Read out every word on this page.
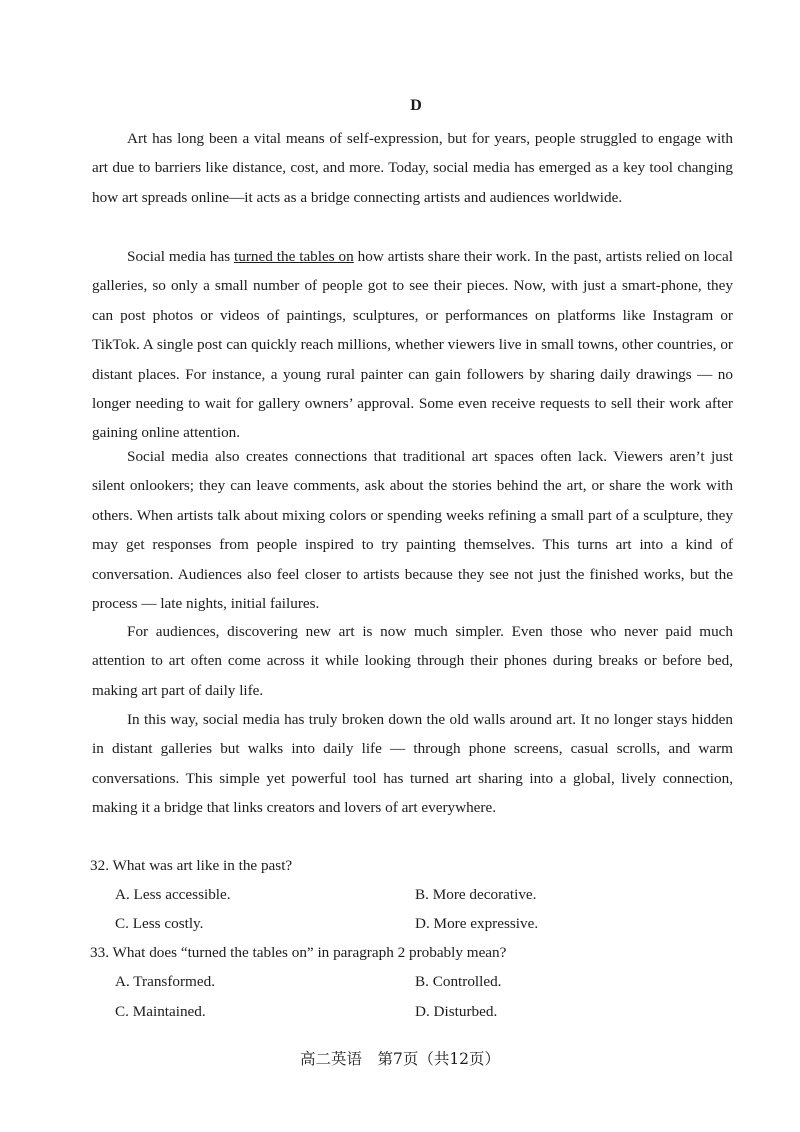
D

Art has long been a vital means of self-expression, but for years, people struggled to engage with art due to barriers like distance, cost, and more. Today, social media has emerged as a key tool changing how art spreads online—it acts as a bridge connecting artists and audiences worldwide.

Social media has turned the tables on how artists share their work. In the past, artists relied on local galleries, so only a small number of people got to see their pieces. Now, with just a smart-phone, they can post photos or videos of paintings, sculptures, or performances on platforms like Instagram or TikTok. A single post can quickly reach millions, whether viewers live in small towns, other countries, or distant places. For instance, a young rural painter can gain followers by sharing daily drawings — no longer needing to wait for gallery owners’ approval. Some even receive requests to sell their work after gaining online attention.

Social media also creates connections that traditional art spaces often lack. Viewers aren’t just silent onlookers; they can leave comments, ask about the stories behind the art, or share the work with others. When artists talk about mixing colors or spending weeks refining a small part of a sculpture, they may get responses from people inspired to try painting themselves. This turns art into a kind of conversation. Audiences also feel closer to artists because they see not just the finished works, but the process — late nights, initial failures.

For audiences, discovering new art is now much simpler. Even those who never paid much attention to art often come across it while looking through their phones during breaks or before bed, making art part of daily life.

In this way, social media has truly broken down the old walls around art. It no longer stays hidden in distant galleries but walks into daily life — through phone screens, casual scrolls, and warm conversations. This simple yet powerful tool has turned art sharing into a global, lively connection, making it a bridge that links creators and lovers of art everywhere.

32. What was art like in the past?
A. Less accessible.	B. More decorative.
C. Less costly.	D. More expressive.
33. What does “turned the tables on” in paragraph 2 probably mean?
A. Transformed.	B. Controlled.
C. Maintained.	D. Disturbed.
高二英语　第7页（共12页）
